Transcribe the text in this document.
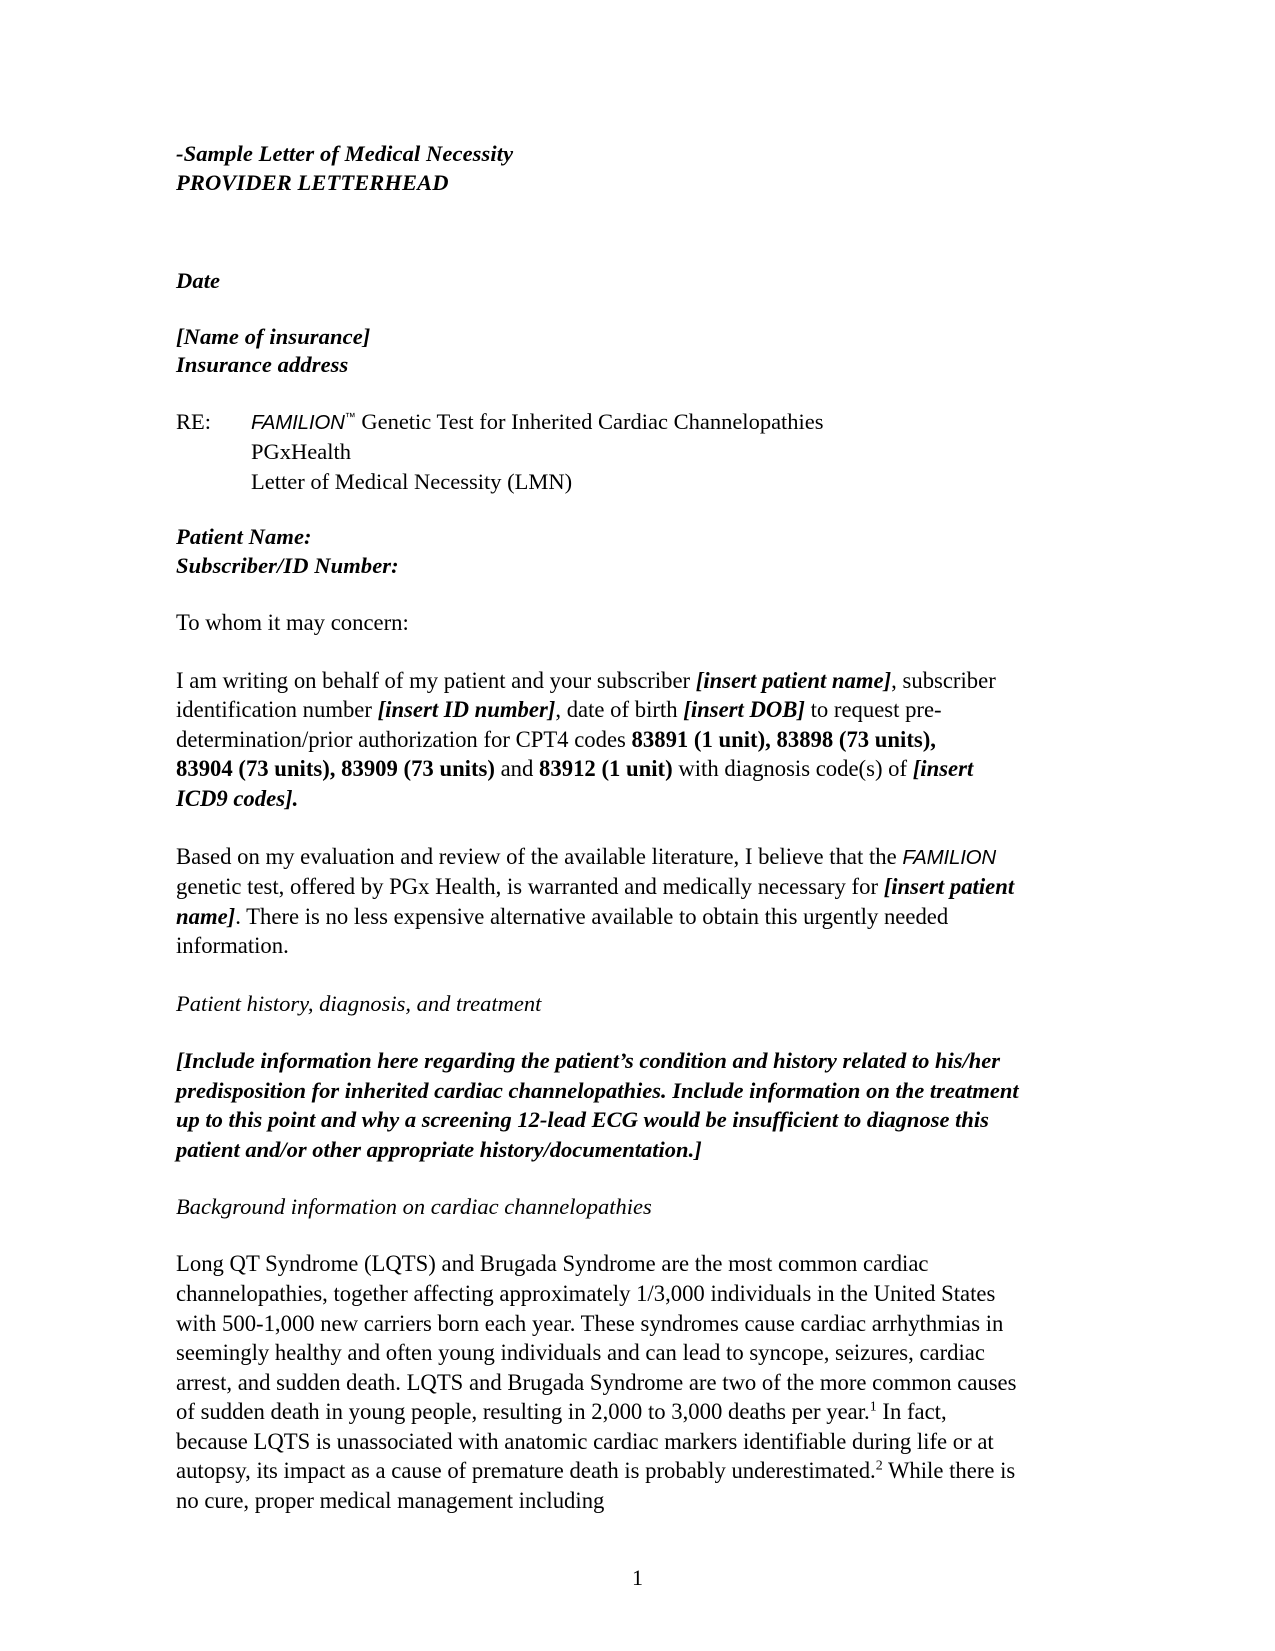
-Sample Letter of Medical Necessity

PROVIDER LETTERHEAD

Date

[Name of insurance]

Insurance address

RE:	FAMILION™ Genetic Test for Inherited Cardiac Channelopathies
PGxHealth
Letter of Medical Necessity (LMN)

Patient Name:

Subscriber/ID Number:

To whom it may concern:

I am writing on behalf of my patient and your subscriber [insert patient name], subscriber identification number [insert ID number], date of birth [insert DOB] to request pre-determination/prior authorization for CPT4 codes 83891 (1 unit), 83898 (73 units), 83904 (73 units), 83909 (73 units) and 83912 (1 unit) with diagnosis code(s) of [insert ICD9 codes].

Based on my evaluation and review of the available literature, I believe that the FAMILION genetic test, offered by PGx Health, is warranted and medically necessary for [insert patient name]. There is no less expensive alternative available to obtain this urgently needed information.

Patient history, diagnosis, and treatment

[Include information here regarding the patient’s condition and history related to his/her predisposition for inherited cardiac channelopathies. Include information on the treatment up to this point and why a screening 12-lead ECG would be insufficient to diagnose this patient and/or other appropriate history/documentation.]

Background information on cardiac channelopathies

Long QT Syndrome (LQTS) and Brugada Syndrome are the most common cardiac channelopathies, together affecting approximately 1/3,000 individuals in the United States with 500-1,000 new carriers born each year. These syndromes cause cardiac arrhythmias in seemingly healthy and often young individuals and can lead to syncope, seizures, cardiac arrest, and sudden death. LQTS and Brugada Syndrome are two of the more common causes of sudden death in young people, resulting in 2,000 to 3,000 deaths per year.$^1$ In fact, because LQTS is unassociated with anatomic cardiac markers identifiable during life or at autopsy, its impact as a cause of premature death is probably underestimated.$^2$ While there is no cure, proper medical management including

1
